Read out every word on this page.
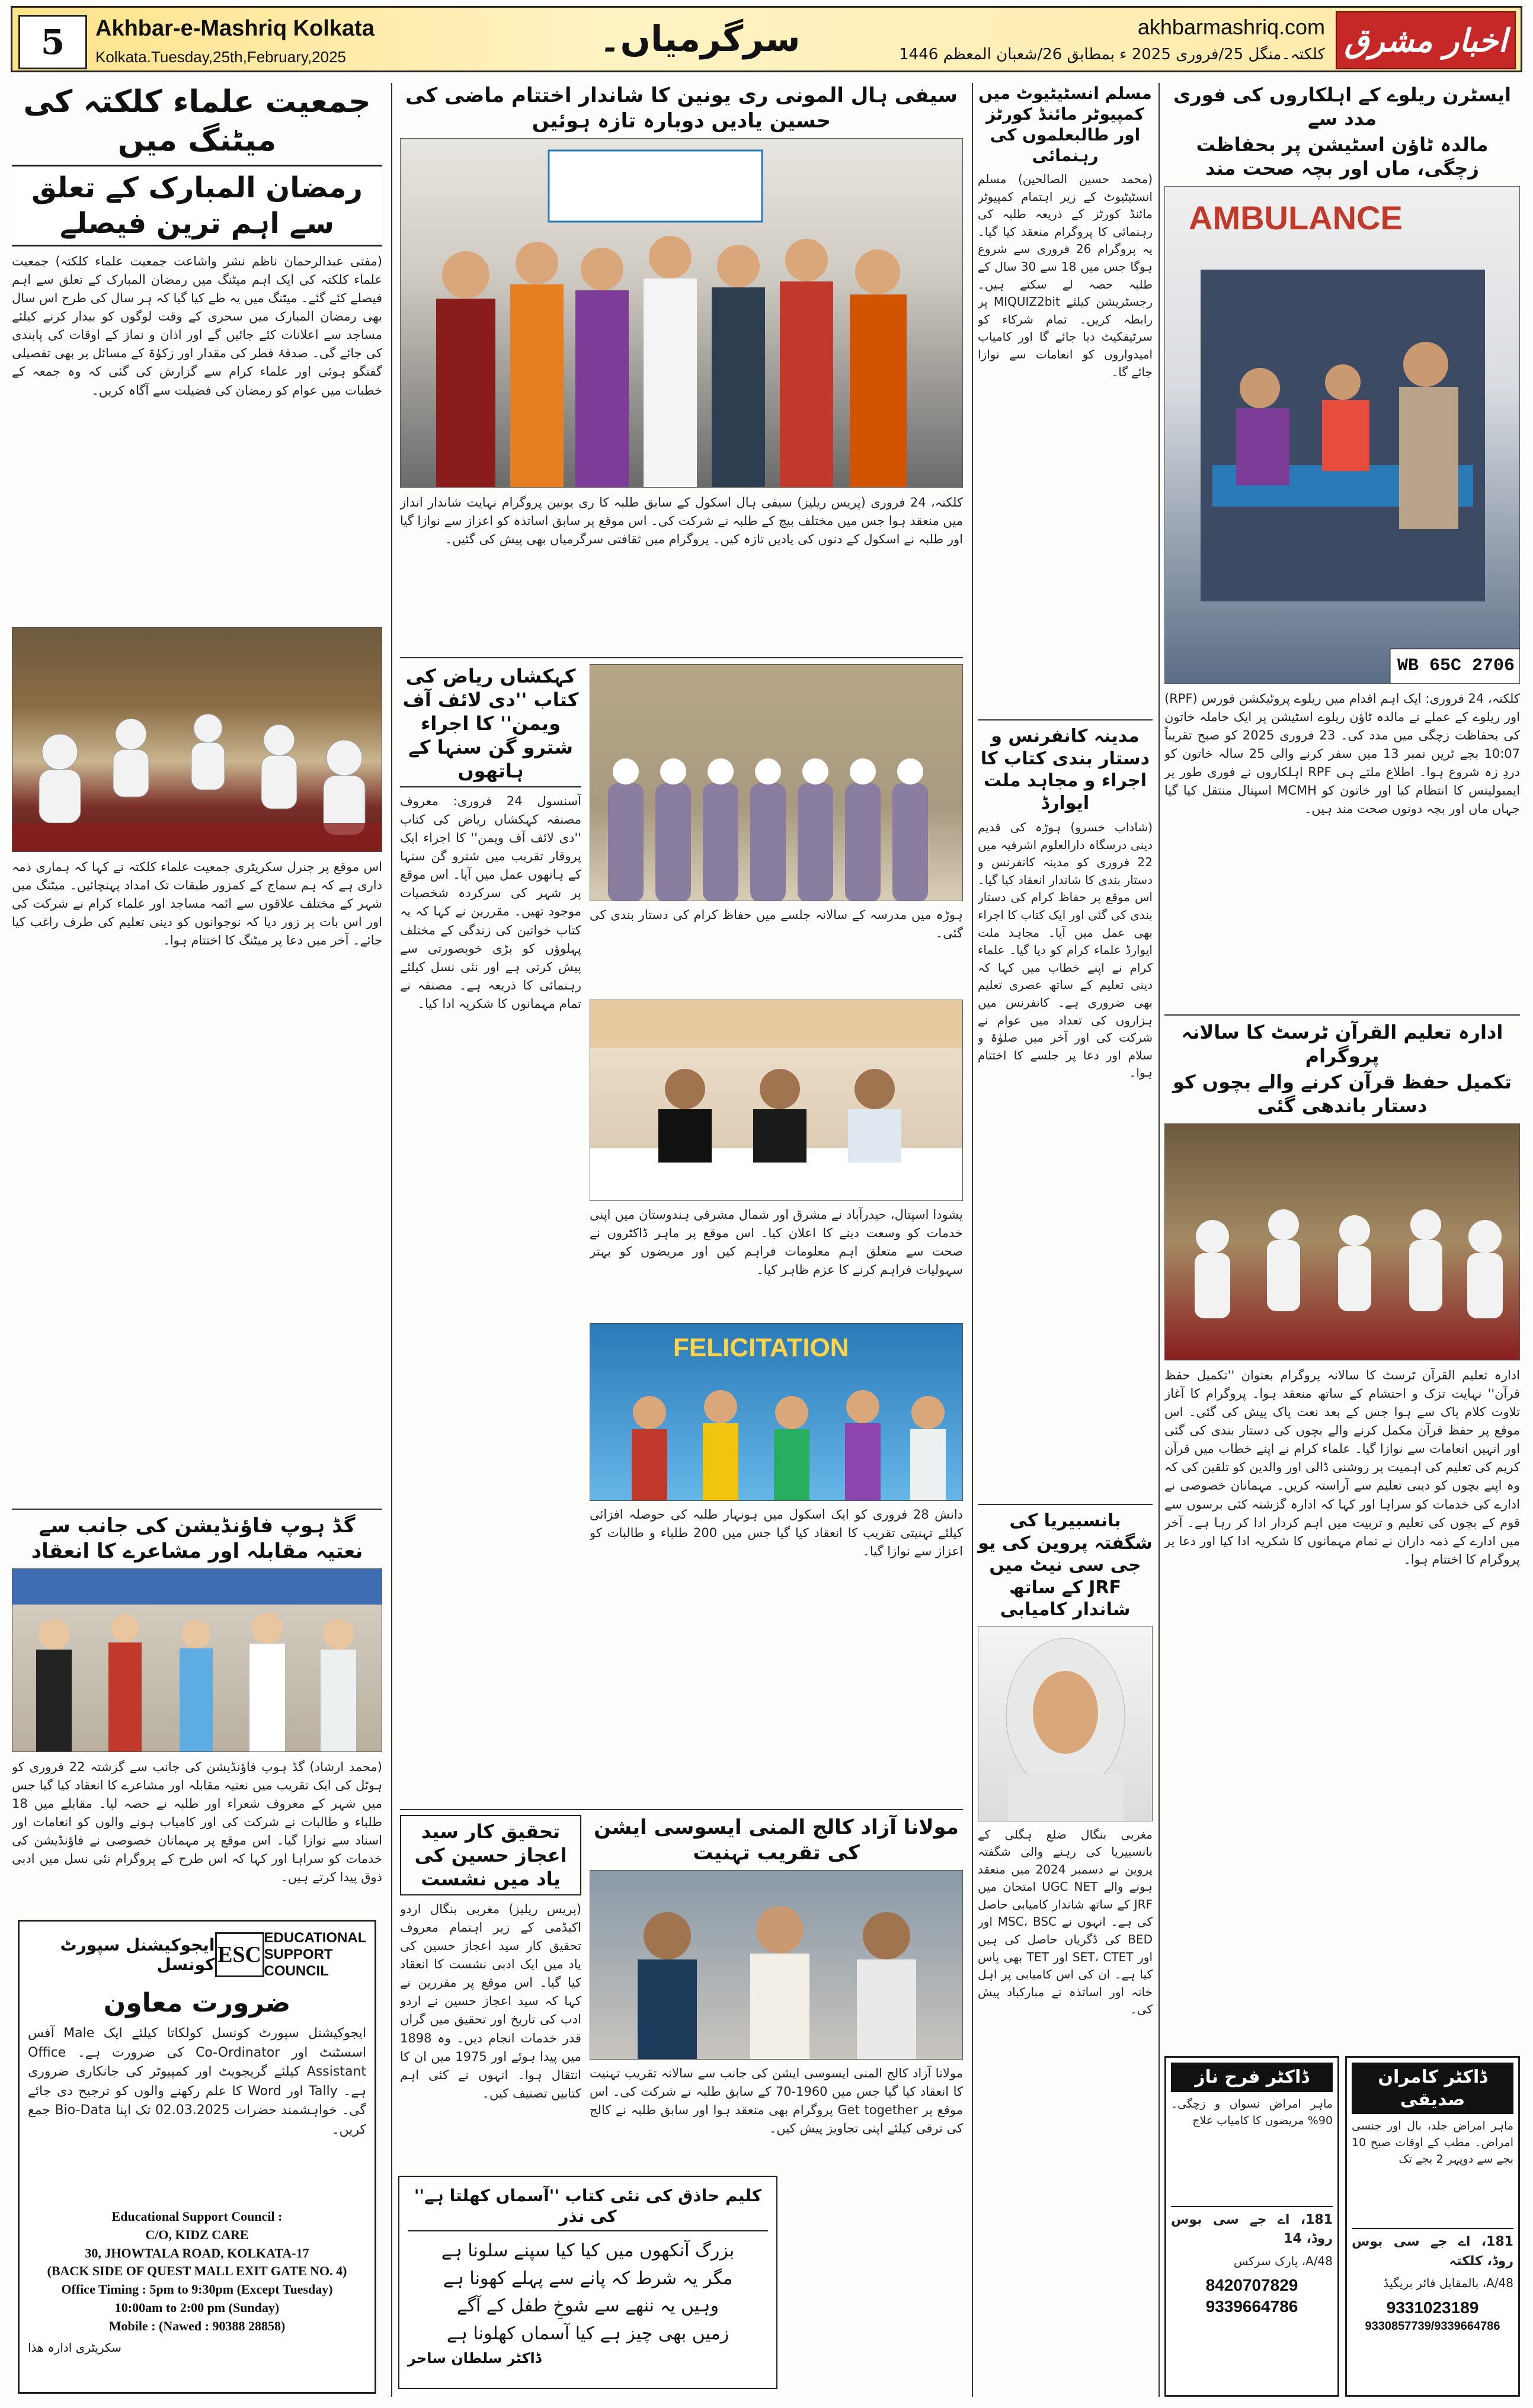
5	Akhbar-e-Mashriq Kolkata
Kolkata.Tuesday,25th,February,2025	سرگرمیاں۔	akhbarmashriq.com
کلکتہ۔منگل 25/فروری 2025 ء بمطابق 26/شعبان المعظم 1446 اخبار مشرق
جمعیت علماء کلکتہ کی میٹنگ میں
رمضان المبارک کے تعلق سے اہم ترین فیصلے
(مفتی عبدالرحمان ناظم نشر واشاعت جمعیت علماء کلکتہ) جمعیت علماء کلکتہ کی ایک اہم میٹنگ میں رمضان المبارک کے تعلق سے اہم فیصلے کئے گئے۔ میٹنگ میں یہ طے کیا گیا کہ ہر سال کی طرح اس سال بھی رمضان المبارک میں سحری کے وقت لوگوں کو بیدار کرنے کیلئے مساجد سے اعلانات کئے جائیں گے اور اذان و نماز کے اوقات کی پابندی کی جائے گی۔ صدقۂ فطر کی مقدار اور زکوٰۃ کے مسائل پر بھی تفصیلی گفتگو ہوئی اور علماء کرام سے گزارش کی گئی کہ وہ جمعہ کے خطبات میں عوام کو رمضان کی فضیلت سے آگاہ کریں۔
اس موقع پر جنرل سکریٹری جمعیت علماء کلکتہ نے کہا کہ ہماری ذمہ داری ہے کہ ہم سماج کے کمزور طبقات تک امداد پہنچائیں۔ میٹنگ میں شہر کے مختلف علاقوں سے ائمہ مساجد اور علماء کرام نے شرکت کی اور اس بات پر زور دیا کہ نوجوانوں کو دینی تعلیم کی طرف راغب کیا جائے۔ آخر میں دعا پر میٹنگ کا اختتام ہوا۔
گڈ ہوپ فاؤنڈیشن کی جانب سے نعتیہ مقابلہ اور مشاعرے کا انعقاد
(محمد ارشاد) گڈ ہوپ فاؤنڈیشن کی جانب سے گزشتہ 22 فروری کو ہوٹل کی ایک تقریب میں نعتیہ مقابلہ اور مشاعرے کا انعقاد کیا گیا جس میں شہر کے معروف شعراء اور طلبہ نے حصہ لیا۔ مقابلے میں 18 طلباء و طالبات نے شرکت کی اور کامیاب ہونے والوں کو انعامات اور اسناد سے نوازا گیا۔ اس موقع پر مہمانان خصوصی نے فاؤنڈیشن کی خدمات کو سراہا اور کہا کہ اس طرح کے پروگرام نئی نسل میں ادبی ذوق پیدا کرتے ہیں۔
ایجوکیشنل سپورٹ کونسل ESC
EDUCATIONAL SUPPORT COUNCIL
ضرورت معاون
ایجوکیشنل سپورٹ کونسل کولکاتا کیلئے ایک Male آفس اسسٹنٹ اور Co-Ordinator کی ضرورت ہے۔ Office Assistant کیلئے گریجویٹ اور کمپیوٹر کی جانکاری ضروری ہے۔ Tally اور Word کا علم رکھنے والوں کو ترجیح دی جائے گی۔ خواہشمند حضرات 02.03.2025 تک اپنا Bio-Data جمع کریں۔
Educational Support Council :
C/O, KIDZ CARE
30, JHOWTALA ROAD, KOLKATA-17
(BACK SIDE OF QUEST MALL EXIT GATE NO. 4)
Office Timing : 5pm to 9:30pm (Except Tuesday)
10:00am to 2:00 pm (Sunday)
Mobile : (Nawed : 90388 28858)
سکریٹری ادارہ ھذا
سیفی ہال المونی ری یونین کا شاندار اختتام ماضی کی حسین یادیں دوبارہ تازہ ہوئیں
کلکتہ، 24 فروری (پریس ریلیز) سیفی ہال اسکول کے سابق طلبہ کا ری یونین پروگرام نہایت شاندار انداز میں منعقد ہوا جس میں مختلف بیچ کے طلبہ نے شرکت کی۔ اس موقع پر سابق اساتذہ کو اعزاز سے نوازا گیا اور طلبہ نے اسکول کے دنوں کی یادیں تازہ کیں۔ پروگرام میں ثقافتی سرگرمیاں بھی پیش کی گئیں۔
ہوڑہ میں مدرسہ کے سالانہ جلسے میں حفاظ کرام کی دستار بندی کی گئی۔
یشودا اسپتال، حیدرآباد نے مشرق اور شمال مشرقی ہندوستان میں اپنی خدمات کو وسعت دینے کا اعلان کیا۔ اس موقع پر ماہر ڈاکٹروں نے صحت سے متعلق اہم معلومات فراہم کیں اور مریضوں کو بہتر سہولیات فراہم کرنے کا عزم ظاہر کیا۔
FELICITATION
دانش 28 فروری کو ایک اسکول میں ہونہار طلبہ کی حوصلہ افزائی کیلئے تہنیتی تقریب کا انعقاد کیا گیا جس میں 200 طلباء و طالبات کو اعزاز سے نوازا گیا۔
کہکشاں ریاض کی کتاب ''دی لائف آف ویمن'' کا اجراء شترو گن سنہا کے ہاتھوں
آسنسول 24 فروری: معروف مصنفہ کہکشاں ریاض کی کتاب ''دی لائف آف ویمن'' کا اجراء ایک پروقار تقریب میں شترو گن سنہا کے ہاتھوں عمل میں آیا۔ اس موقع پر شہر کی سرکردہ شخصیات موجود تھیں۔ مقررین نے کہا کہ یہ کتاب خواتین کی زندگی کے مختلف پہلوؤں کو بڑی خوبصورتی سے پیش کرتی ہے اور نئی نسل کیلئے رہنمائی کا ذریعہ ہے۔ مصنفہ نے تمام مہمانوں کا شکریہ ادا کیا۔
تحقیق کار سید اعجاز حسین کی یاد میں نشست
(پریس ریلیز) مغربی بنگال اردو اکیڈمی کے زیر اہتمام معروف تحقیق کار سید اعجاز حسین کی یاد میں ایک ادبی نشست کا انعقاد کیا گیا۔ اس موقع پر مقررین نے کہا کہ سید اعجاز حسین نے اردو ادب کی تاریخ اور تحقیق میں گراں قدر خدمات انجام دیں۔ وہ 1898 میں پیدا ہوئے اور 1975 میں ان کا انتقال ہوا۔ انہوں نے کئی اہم کتابیں تصنیف کیں۔
مولانا آزاد کالج المنی ایسوسی ایشن کی تقریب تہنیت
مولانا آزاد کالج المنی ایسوسی ایشن کی جانب سے سالانہ تقریب تہنیت کا انعقاد کیا گیا جس میں 1960-70 کے سابق طلبہ نے شرکت کی۔ اس موقع پر Get together پروگرام بھی منعقد ہوا اور سابق طلبہ نے کالج کی ترقی کیلئے اپنی تجاویز پیش کیں۔
کلیم حاذق کی نئی کتاب ''آسماں کھلتا ہے'' کی نذر
بزرگ آنکھوں میں کیا کیا سپنے سلونا ہے
مگر یہ شرط کہ پانے سے پہلے کھونا ہے
وہیں یہ ننھے سے شوخِ طفل کے آگے
زمیں بھی چیز ہے کیا آسماں کھلونا ہے
ڈاکٹر سلطان ساحر
مسلم انسٹیٹیوٹ میں کمپیوٹر مائنڈ کورٹز اور طالبعلموں کی رہنمائی
(محمد حسین الصالحین) مسلم انسٹیٹیوٹ کے زیر اہتمام کمپیوٹر مائنڈ کورٹز کے ذریعہ طلبہ کی رہنمائی کا پروگرام منعقد کیا گیا۔ یہ پروگرام 26 فروری سے شروع ہوگا جس میں 18 سے 30 سال کے طلبہ حصہ لے سکتے ہیں۔ رجسٹریشن کیلئے MIQUIZ2bit پر رابطہ کریں۔ تمام شرکاء کو سرٹیفکیٹ دیا جائے گا اور کامیاب امیدواروں کو انعامات سے نوازا جائے گا۔
مدینہ کانفرنس و دستار بندی کتاب کا اجراء و مجاہد ملت ایوارڈ
(شاداب خسرو) ہوڑہ کی قدیم دینی درسگاہ دارالعلوم اشرفیہ میں 22 فروری کو مدینہ کانفرنس و دستار بندی کا شاندار انعقاد کیا گیا۔ اس موقع پر حفاظ کرام کی دستار بندی کی گئی اور ایک کتاب کا اجراء بھی عمل میں آیا۔ مجاہد ملت ایوارڈ علماء کرام کو دیا گیا۔ علماء کرام نے اپنے خطاب میں کہا کہ دینی تعلیم کے ساتھ عصری تعلیم بھی ضروری ہے۔ کانفرنس میں ہزاروں کی تعداد میں عوام نے شرکت کی اور آخر میں صلوٰۃ و سلام اور دعا پر جلسے کا اختتام ہوا۔
بانسبیریا کی شگفتہ پروین کی یو جی سی نیٹ میں JRF کے ساتھ شاندار کامیابی
مغربی بنگال ضلع ہگلی کے بانسبیریا کی رہنے والی شگفتہ پروین نے دسمبر 2024 میں منعقد ہونے والے UGC NET امتحان میں JRF کے ساتھ شاندار کامیابی حاصل کی ہے۔ انہوں نے MSC، BSC اور BED کی ڈگریاں حاصل کی ہیں اور SET، CTET اور TET بھی پاس کیا ہے۔ ان کی اس کامیابی پر اہل خانہ اور اساتذہ نے مبارکباد پیش کی۔
ایسٹرن ریلوے کے اہلکاروں کی فوری مدد سے
مالدہ ٹاؤن اسٹیشن پر بحفاظت زچگی، ماں اور بچہ صحت مند
AMBULANCE
WB 65C 2706
کلکتہ، 24 فروری: ایک اہم اقدام میں ریلوے پروٹیکشن فورس (RPF) اور ریلوے کے عملے نے مالدہ ٹاؤن ریلوے اسٹیشن پر ایک حاملہ خاتون کی بحفاظت زچگی میں مدد کی۔ 23 فروری 2025 کو صبح تقریباً 10:07 بجے ٹرین نمبر 13 میں سفر کرنے والی 25 سالہ خاتون کو دردِ زہ شروع ہوا۔ اطلاع ملتے ہی RPF اہلکاروں نے فوری طور پر ایمبولینس کا انتظام کیا اور خاتون کو MCMH اسپتال منتقل کیا گیا جہاں ماں اور بچہ دونوں صحت مند ہیں۔
ادارہ تعلیم القرآن ٹرسٹ کا سالانہ پروگرام
تکمیل حفظ قرآن کرنے والے بچوں کو دستار باندھی گئی
ادارہ تعلیم القرآن ٹرسٹ کا سالانہ پروگرام بعنوان ''تکمیل حفظ قرآن'' نہایت تزک و احتشام کے ساتھ منعقد ہوا۔ پروگرام کا آغاز تلاوت کلام پاک سے ہوا جس کے بعد نعت پاک پیش کی گئی۔ اس موقع پر حفظ قرآن مکمل کرنے والے بچوں کی دستار بندی کی گئی اور انہیں انعامات سے نوازا گیا۔ علماء کرام نے اپنے خطاب میں قرآن کریم کی تعلیم کی اہمیت پر روشنی ڈالی اور والدین کو تلقین کی کہ وہ اپنے بچوں کو دینی تعلیم سے آراستہ کریں۔ مہمانان خصوصی نے ادارے کی خدمات کو سراہا اور کہا کہ ادارہ گزشتہ کئی برسوں سے قوم کے بچوں کی تعلیم و تربیت میں اہم کردار ادا کر رہا ہے۔ آخر میں ادارے کے ذمہ داران نے تمام مہمانوں کا شکریہ ادا کیا اور دعا پر پروگرام کا اختتام ہوا۔
ڈاکٹر کامران صدیقی
ماہر امراض جلد، بال اور جنسی امراض۔ مطب کے اوقات صبح 10 بجے سے دوپہر 2 بجے تک
181، اے جے سی بوس روڈ، کلکتہ
48/A، بالمقابل فائر بریگیڈ
9331023189
9330857739/9339664786
ڈاکٹر فرح ناز
ماہر امراض نسواں و زچگی۔ 90% مریضوں کا کامیاب علاج
181، اے جے سی بوس روڈ، 14
48/A، پارک سرکس
8420707829
9339664786
